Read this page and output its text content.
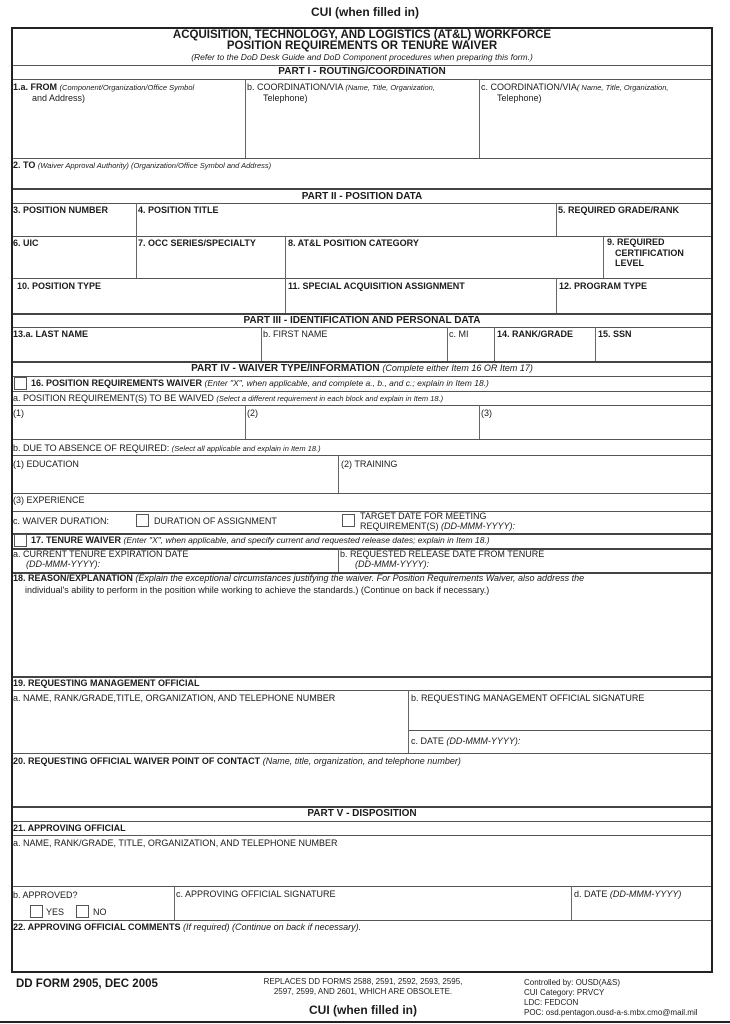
CUI (when filled in)
ACQUISITION, TECHNOLOGY, AND LOGISTICS (AT&L) WORKFORCE
POSITION REQUIREMENTS OR TENURE WAIVER
(Refer to the DoD Desk Guide and DoD Component procedures when preparing this form.)
PART I - ROUTING/COORDINATION
1.a. FROM (Component/Organization/Office Symbol
and Address)
b. COORDINATION/VIA (Name, Title, Organization,
Telephone)
c. COORDINATION/VIA( Name, Title, Organization,
Telephone)
2. TO (Waiver Approval Authority) (Organization/Office Symbol and Address)
PART II - POSITION DATA
3. POSITION NUMBER	4. POSITION TITLE	5. REQUIRED GRADE/RANK
6. UIC	7. OCC SERIES/SPECIALTY	8. AT&L POSITION CATEGORY	9. REQUIRED
CERTIFICATION
LEVEL
10. POSITION TYPE	11. SPECIAL ACQUISITION ASSIGNMENT	12. PROGRAM TYPE
PART III - IDENTIFICATION AND PERSONAL DATA
13.a. LAST NAME	b. FIRST NAME	c. MI	14. RANK/GRADE	15. SSN
PART IV - WAIVER TYPE/INFORMATION (Complete either Item 16 OR Item 17)
16. POSITION REQUIREMENTS WAIVER (Enter "X", when applicable, and complete a., b., and c.; explain in Item 18.)
a. POSITION REQUIREMENT(S) TO BE WAIVED (Select a different requirement in each block and explain in Item 18.)
(1)	(2)	(3)
b. DUE TO ABSENCE OF REQUIRED: (Select all applicable and explain in Item 18.)
(1) EDUCATION	(2) TRAINING
(3) EXPERIENCE
c. WAIVER DURATION:	DURATION OF ASSIGNMENT	TARGET DATE FOR MEETING
REQUIREMENT(S) (DD-MMM-YYYY):
17. TENURE WAIVER (Enter "X", when applicable, and specify current and requested release dates; explain in Item 18.)
a. CURRENT TENURE EXPIRATION DATE
(DD-MMM-YYYY):
b. REQUESTED RELEASE DATE FROM TENURE
(DD-MMM-YYYY):
18. REASON/EXPLANATION (Explain the exceptional circumstances justifying the waiver. For Position Requirements Waiver, also address the
individual's ability to perform in the position while working to achieve the standards.) (Continue on back if necessary.)
19. REQUESTING MANAGEMENT OFFICIAL
a. NAME, RANK/GRADE,TITLE, ORGANIZATION, AND TELEPHONE NUMBER	b. REQUESTING MANAGEMENT OFFICIAL SIGNATURE
c. DATE (DD-MMM-YYYY):
20. REQUESTING OFFICIAL WAIVER POINT OF CONTACT (Name, title, organization, and telephone number)
PART V - DISPOSITION
21. APPROVING OFFICIAL
a. NAME, RANK/GRADE, TITLE, ORGANIZATION, AND TELEPHONE NUMBER
b. APPROVED?
YES	NO
c. APPROVING OFFICIAL SIGNATURE	d. DATE (DD-MMM-YYYY)
22. APPROVING OFFICIAL COMMENTS (If required) (Continue on back if necessary).
DD FORM 2905, DEC 2005	REPLACES DD FORMS 2588, 2591, 2592, 2593, 2595,
2597, 2599, AND 2601, WHICH ARE OBSOLETE.
CUI (when filled in)
Controlled by: OUSD(A&S)
CUI Category: PRVCY
LDC: FEDCON
POC: osd.pentagon.ousd-a-s.mbx.cmo@mail.mil
